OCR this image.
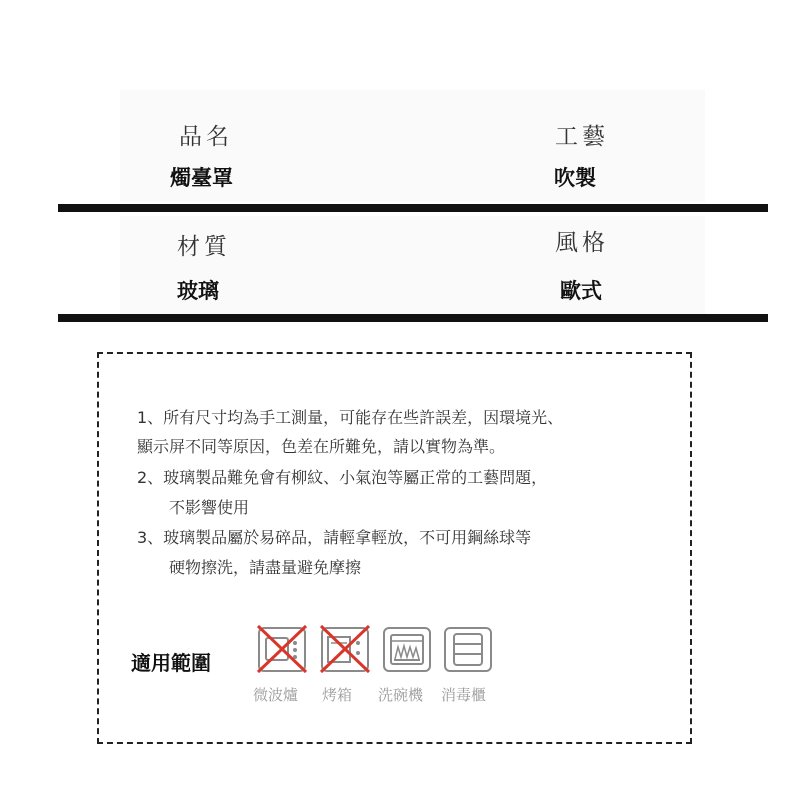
品名
燭臺罩
工藝
吹製
材質
玻璃
風格
歐式
1、所有尺寸均為手工測量，可能存在些許誤差，因環境光、
顯示屏不同等原因，色差在所難免，請以實物為準。
2、玻璃製品難免會有柳紋、小氣泡等屬正常的工藝問題，
不影響使用
3、玻璃製品屬於易碎品，請輕拿輕放，不可用鋼絲球等
硬物擦洗，請盡量避免摩擦
適用範圍
微波爐 烤箱 洗碗機 消毒櫃
